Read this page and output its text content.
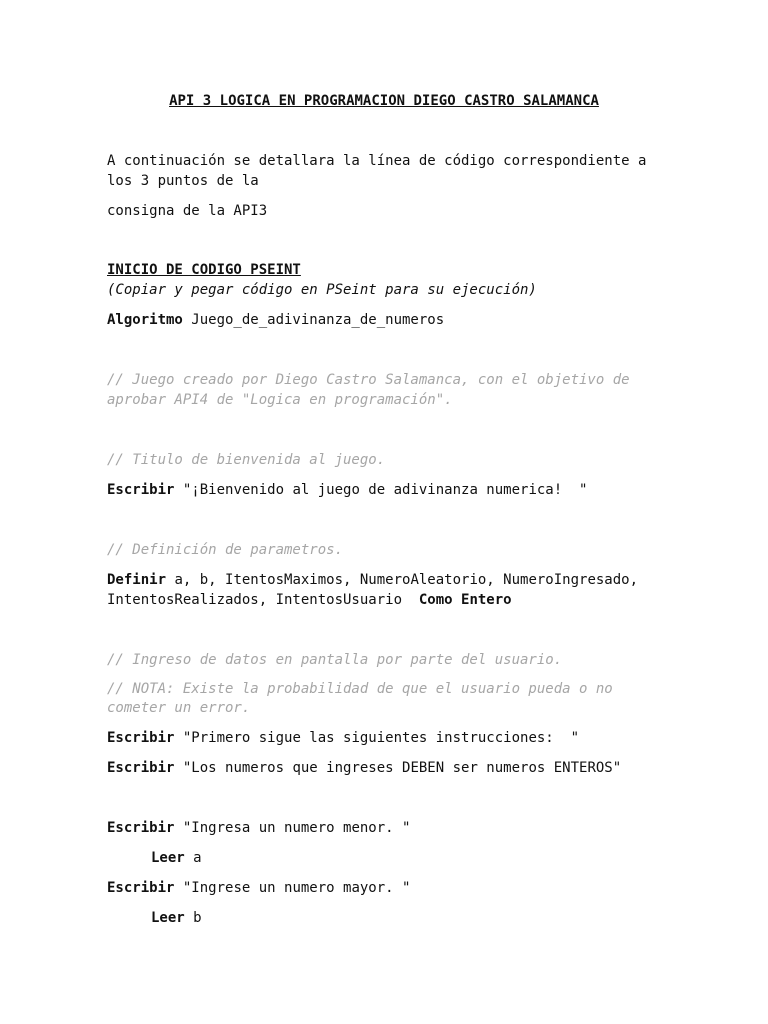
API 3 LOGICA EN PROGRAMACION DIEGO CASTRO SALAMANCA
A continuación se detallara la línea de código correspondiente a
los 3 puntos de la
consigna de la API3
INICIO DE CODIGO PSEINT
(Copiar y pegar código en PSeint para su ejecución)
Algoritmo Juego_de_adivinanza_de_numeros
// Juego creado por Diego Castro Salamanca, con el objetivo de
aprobar API4 de "Logica en programación".
// Titulo de bienvenida al juego.
Escribir "¡Bienvenido al juego de adivinanza numerica!  "
// Definición de parametros.
Definir a, b, ItentosMaximos, NumeroAleatorio, NumeroIngresado,
IntentosRealizados, IntentosUsuario  Como Entero
// Ingreso de datos en pantalla por parte del usuario.
// NOTA: Existe la probabilidad de que el usuario pueda o no
cometer un error.
Escribir "Primero sigue las siguientes instrucciones:  "
Escribir "Los numeros que ingreses DEBEN ser numeros ENTEROS"
Escribir "Ingresa un numero menor. "
Leer a
Escribir "Ingrese un numero mayor. "
Leer b
